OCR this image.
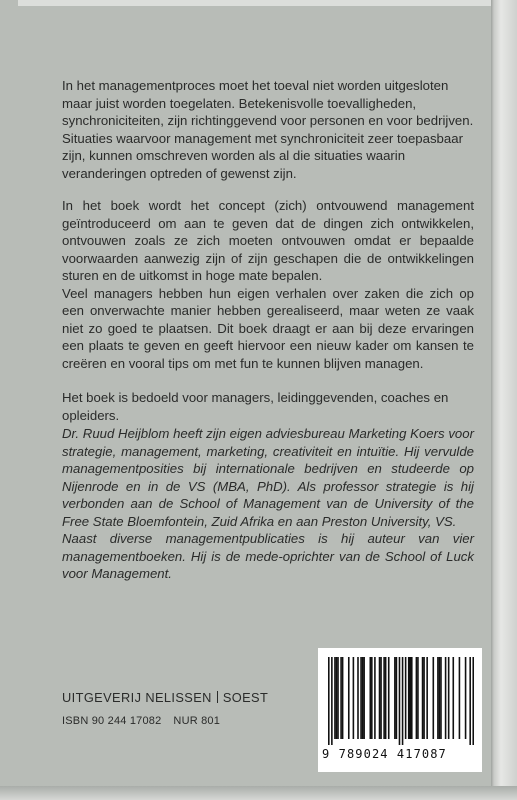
In het managementproces moet het toeval niet worden uitgesloten maar juist worden toegelaten. Betekenisvolle toevalligheden, synchroniciteiten, zijn richtinggevend voor personen en voor bedrijven.

Situaties waarvoor management met synchroniciteit zeer toepasbaar zijn, kunnen omschreven worden als al die situaties waarin veranderingen optreden of gewenst zijn.

In het boek wordt het concept (zich) ontvouwend management geïntroduceerd om aan te geven dat de dingen zich ontwikkelen, ontvouwen zoals ze zich moeten ontvouwen omdat er bepaalde voorwaarden aanwezig zijn of zijn geschapen die de ontwikkelingen sturen en de uitkomst in hoge mate bepalen.

Veel managers hebben hun eigen verhalen over zaken die zich op een onverwachte manier hebben gerealiseerd, maar weten ze vaak niet zo goed te plaatsen. Dit boek draagt er aan bij deze ervaringen een plaats te geven en geeft hiervoor een nieuw kader om kansen te creëren en vooral tips om met fun te kunnen blijven managen.

Het boek is bedoeld voor managers, leidinggevenden, coaches en opleiders.

Dr. Ruud Heijblom heeft zijn eigen adviesbureau Marketing Koers voor strategie, management, marketing, creativiteit en intuïtie. Hij vervulde managementposities bij internationale bedrijven en studeerde op Nijenrode en in de VS (MBA, PhD). Als professor strategie is hij verbonden aan de School of Management van de University of the Free State Bloemfontein, Zuid Afrika en aan Preston University, VS.

Naast diverse managementpublicaties is hij auteur van vier managementboeken. Hij is de mede-oprichter van de School of Luck voor Management.

UITGEVERIJ NELISSEN SOEST
ISBN 90 244 17082 NUR 801
9 789024 417087
